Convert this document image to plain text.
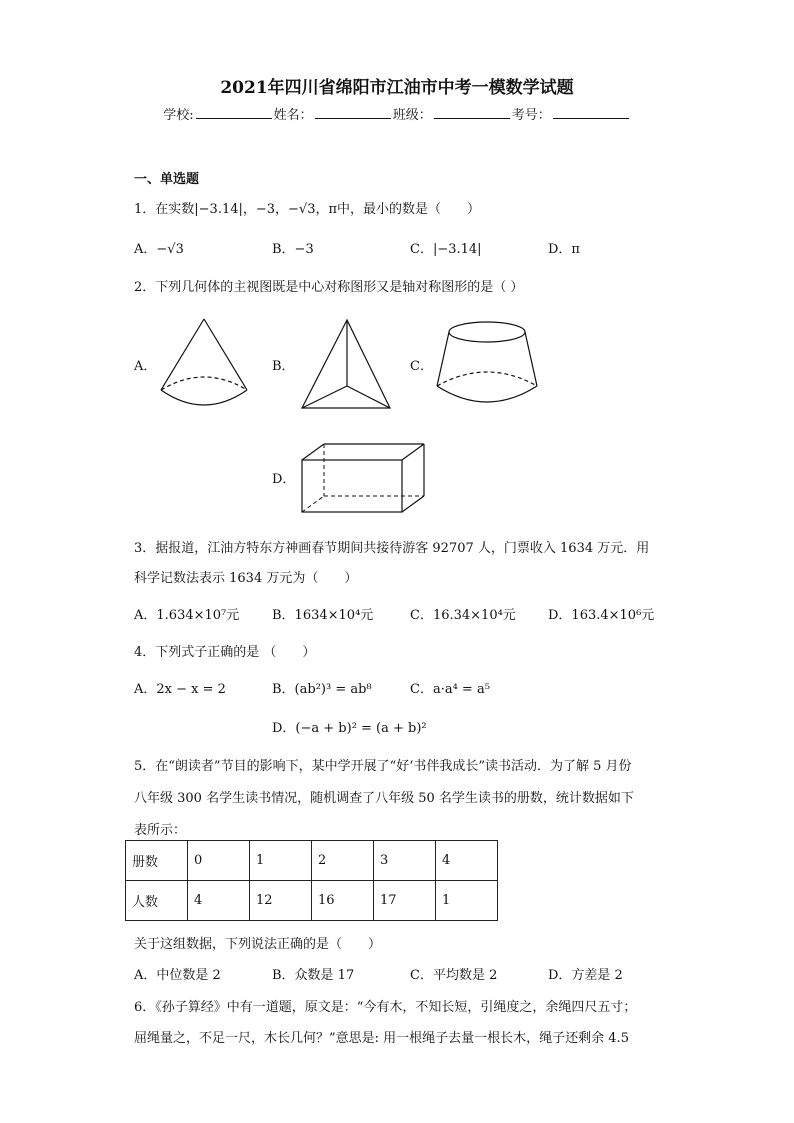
2021年四川省绵阳市江油市中考一模数学试题
学校:	姓名：	班级：	考号：
一、单选题
1．在实数|−3.14|，−3，−√3，π中，最小的数是（　　）
A．−√3	B．−3	C．|−3.14|	D．π
2．下列几何体的主视图既是中心对称图形又是轴对称图形的是（ ）
A．	B．	C．
D．
3．据报道，江油方特东方神画春节期间共接待游客 92707 人，门票收入 1634 万元．用
科学记数法表示 1634 万元为（　　）
A．1.634×10⁷元	B．1634×10⁴元	C．16.34×10⁴元 D．163.4×10⁶元
4．下列式子正确的是 （　　）
A．2x − x = 2	B．(ab²)³ = ab⁸	C．a·a⁴ = a⁵
D．(−a + b)² = (a + b)²
5．在“朗读者”节目的影响下，某中学开展了“好‘书伴我成长”读书活动．为了解 5 月份
八年级 300 名学生读书情况，随机调查了八年级 50 名学生读书的册数，统计数据如下
表所示：
册数	0	1	2	3	4
人数	4	12	16	17	1
关于这组数据，下列说法正确的是（　　）
A．中位数是 2	B．众数是 17	C．平均数是 2	D．方差是 2
6．《孙子算经》中有一道题，原文是：“今有木，不知长短，引绳度之，余绳四尺五寸；
屈绳量之，不足一尺，木长几何？”意思是: 用一根绳子去量一根长木，绳子还剩余 4.5
